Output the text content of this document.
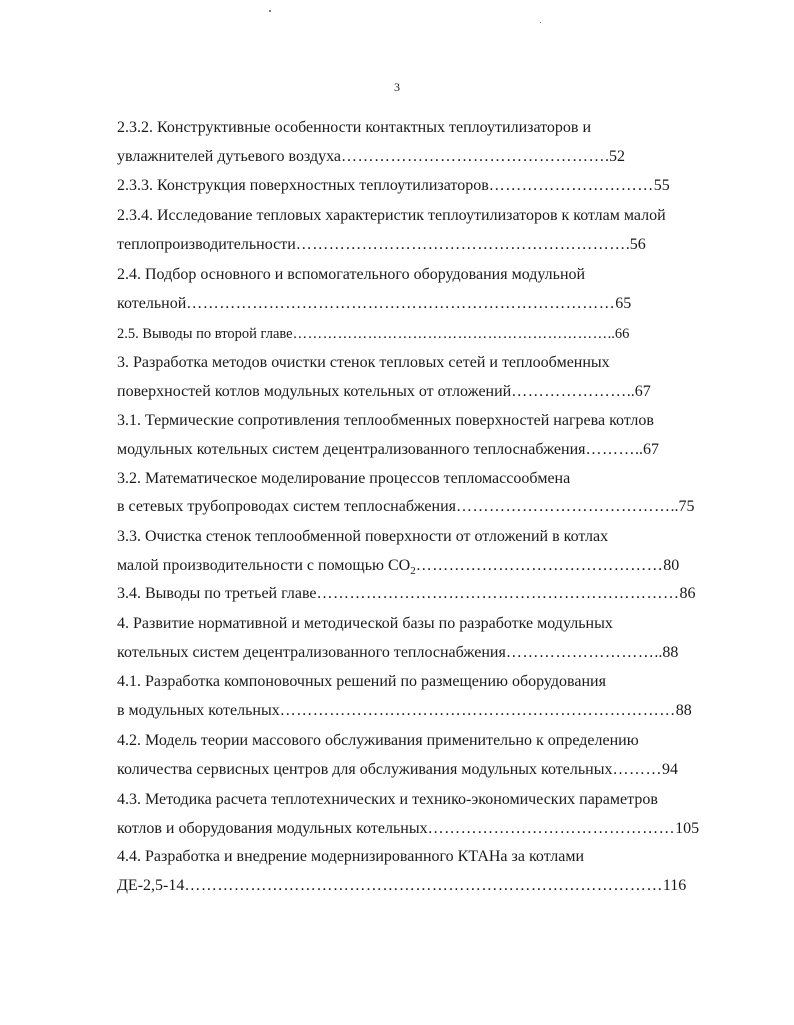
3
2.3.2. Конструктивные особенности контактных теплоутилизаторов и
увлажнителей дутьевого воздуха………………………………………….52
2.3.3. Конструкция поверхностных теплоутилизаторов…………………………55
2.3.4. Исследование тепловых характеристик теплоутилизаторов к котлам малой
теплопроизводительности…………………………………………………….56
2.4. Подбор основного и вспомогательного оборудования модульной
котельной……………………………………………………………………65
2.5. Выводы по второй главе………………………………………………………..66
3. Разработка методов очистки стенок тепловых сетей и теплообменных
поверхностей котлов модульных котельных от отложений…………………..67
3.1. Термические сопротивления теплообменных поверхностей нагрева котлов
модульных котельных систем децентрализованного теплоснабжения………..67
3.2. Математическое моделирование процессов тепломассообмена
в сетевых трубопроводах систем теплоснабжения…………………………………..75
3.3. Очистка стенок теплообменной поверхности от отложений в котлах
малой производительности с помощью $CO_2\dots\dots\dots\dots\dots\dots\dots\dots\dots\dots\dots\dots\dots\dots\dots 80$
3.4. Выводы по третьей главе…………………………………………………………86
4. Развитие нормативной и методической базы по разработке модульных
котельных систем децентрализованного теплоснабжения………………………..88
4.1. Разработка компоновочных решений по размещению оборудования
в модульных котельных………………………………………………………………88
4.2. Модель теории массового обслуживания применительно к определению
количества сервисных центров для обслуживания модульных котельных………94
4.3. Методика расчета теплотехнических и технико-экономических параметров
котлов и оборудования модульных котельных………………………………………105
4.4. Разработка и внедрение модернизированного КТАНа за котлами
ДЕ-2,5-14……………………………………………………………………………116
